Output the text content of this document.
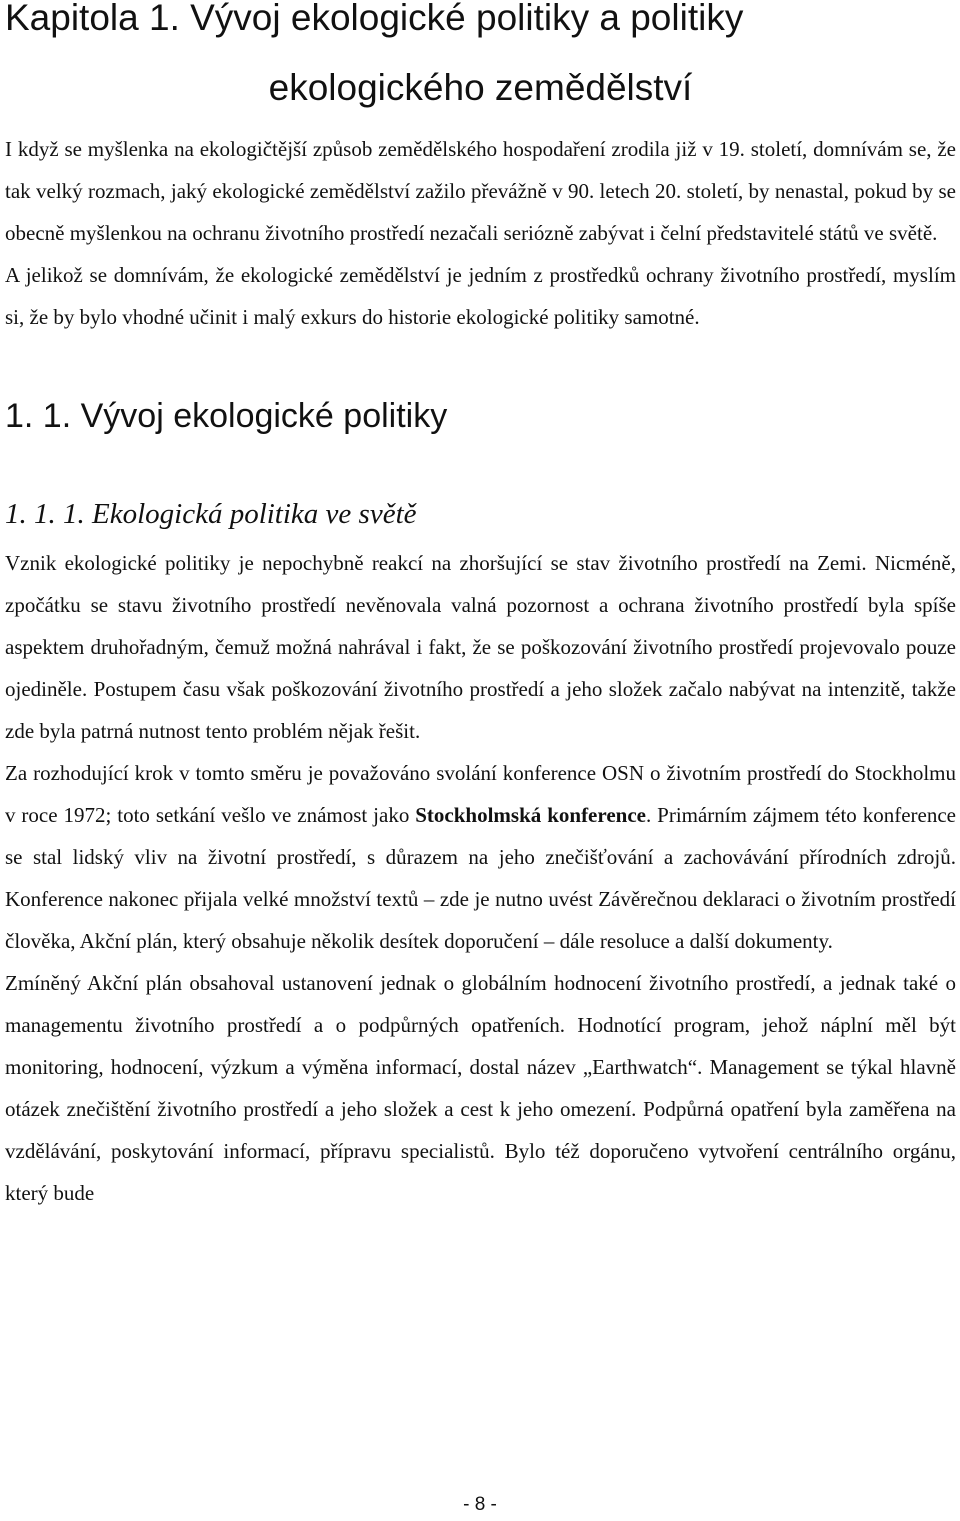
Kapitola 1. Vývoj ekologické politiky a politiky
ekologického zemědělství

I když se myšlenka na ekologičtější způsob zemědělského hospodaření zrodila již v 19. století, domnívám se, že tak velký rozmach, jaký ekologické zemědělství zažilo převážně v 90. letech 20. století, by nenastal, pokud by se obecně myšlenkou na ochranu životního prostředí nezačali seriózně zabývat i čelní představitelé států ve světě.

A jelikož se domnívám, že ekologické zemědělství je jedním z prostředků ochrany životního prostředí, myslím si, že by bylo vhodné učinit i malý exkurs do historie ekologické politiky samotné.

1. 1. Vývoj ekologické politiky
1. 1. 1. Ekologická politika ve světě

Vznik ekologické politiky je nepochybně reakcí na zhoršující se stav životního prostředí na Zemi. Nicméně, zpočátku se stavu životního prostředí nevěnovala valná pozornost a ochrana životního prostředí byla spíše aspektem druhořadným, čemuž možná nahrával i fakt, že se poškozování životního prostředí projevovalo pouze ojediněle. Postupem času však poškozování životního prostředí a jeho složek začalo nabývat na intenzitě, takže zde byla patrná nutnost tento problém nějak řešit.

Za rozhodující krok v tomto směru je považováno svolání konference OSN o životním prostředí do Stockholmu v roce 1972; toto setkání vešlo ve známost jako Stockholmská konference. Primárním zájmem této konference se stal lidský vliv na životní prostředí, s důrazem na jeho znečišťování a zachovávání přírodních zdrojů. Konference nakonec přijala velké množství textů – zde je nutno uvést Závěrečnou deklaraci o životním prostředí člověka, Akční plán, který obsahuje několik desítek doporučení – dále resoluce a další dokumenty.

Zmíněný Akční plán obsahoval ustanovení jednak o globálním hodnocení životního prostředí, a jednak také o managementu životního prostředí a o podpůrných opatřeních. Hodnotící program, jehož náplní měl být monitoring, hodnocení, výzkum a výměna informací, dostal název „Earthwatch“. Management se týkal hlavně otázek znečištění životního prostředí a jeho složek a cest k jeho omezení. Podpůrná opatření byla zaměřena na vzdělávání, poskytování informací, přípravu specialistů. Bylo též doporučeno vytvoření centrálního orgánu, který bude

- 8 -
